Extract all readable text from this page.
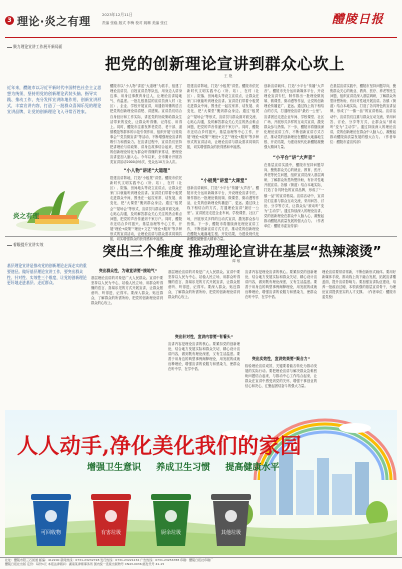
3 理论·炎之有理
2023年12月11日
责编 张稳 版式 李梅 校对 姚琳 美编 张红	醴陵日报
聚力理论宣讲工作展开新局面
把党的创新理论宣讲到群众心坎上
王 艳
近年来，醴陵市以习近平新时代中国特色社会主义思想为统领，坚持用党的创新理论武装头脑、指导实践、推动工作，充分发挥宣讲阵地作用，创新宣讲形式，丰富宣讲内容，打造了一批群众喜闻乐见的理论宣讲品牌，让党的创新理论飞入寻常百姓家。
“小人物”讲述“大道理”
醴陵市以“小人物”讲述“大道理”为抓手，组建了理论宣讲员、百姓宣讲员等队伍，用身边人讲身边事、用身边事教育身边人，让理论宣讲接地气、有温度。一批扎根基层的宣讲员深入村（社区）、企业、学校开展宣讲，用通俗易懂的语言把党的创新理论讲清楚、讲透彻。宣讲员们结合自身经历和工作实际，讲述党的好政策给群众生活带来的变化，让群众听得懂、记得住、用得上。同时，醴陵市注重发挥老党员、老干部、道德模范等群体的示范引领作用，组织开展“百姓故事会”“党员微宣讲”等活动，不断增强理论宣讲的吸引力和感染力。在宣讲过程中，宣讲员们坚持把讲理论与讲政策、讲身边故事结合起来，把党的创新理论转化为群众听得懂的家常话，使理论宣讲更加入脑入心。今年以来，全市累计开展各类宣讲活动2000余场次，受众达10万余人次。
搭建宣讲阵地，打造“小板凳”讲堂。醴陵市依托新时代文明实践中心（所、站），在村（社区）、院落、田间地头等设立宣讲点，让群众在家门口就能听到理论宣讲。宣讲员们带着小板凳走进群众中间，围坐在一起拉家常、话发展、谈变化，把“大课堂”搬到群众身边。通过“板凳会”“屋场会”等形式，宣讲员与群众面对面交流、心贴心沟通，及时解答群众关心关注的热点难点问题，把党的声音传递到千家万户。同时，醴陵市还结合乡村振兴、基层治理等中心工作，开展“理论+政策”“理论+文艺”“理论+服务”等多种形式的宣讲活动，让理论宣讲与群众需求同频共振，切实增强群众的获得感和幸福感。
搭建宣讲阵地，打造“小板凳”讲堂。醴陵市依托新时代文明实践中心（所、站），在村（社区）、院落、田间地头等设立宣讲点，让群众在家门口就能听到理论宣讲。宣讲员们带着小板凳走进群众中间，围坐在一起拉家常、话发展、谈变化，把“大课堂”搬到群众身边。通过“板凳会”“屋场会”等形式，宣讲员与群众面对面交流、心贴心沟通，及时解答群众关心关注的热点难点问题，把党的声音传递到千家万户。同时，醴陵市还结合乡村振兴、基层治理等中心工作，开展“理论+政策”“理论+文艺”“理论+服务”等多种形式的宣讲活动，让理论宣讲与群众需求同频共振，切实增强群众的获得感和幸福感。
“小板凳”讲堂“大课堂”
创新宣讲载体，打造“小平台”传播“大声音”。醴陵市充分运用新媒体平台，开设理论宣讲专栏，制作推出一批理论微视频、微课堂、微动漫等作品，让党的创新理论传播更广、更远。通过线上线下相结合的方式，打通理论宣讲“最后一公里”。宣讲团还走进企业车间、学校课堂、社区广场，开展形式多样的互动式宣讲，激发群众参与热情。下一步，醴陵市将继续深化理论宣讲工作，不断创新宣讲方式方法，推动党的创新理论在醴陵大地落地生根、开花结果，为建设现代化新醴陵凝聚强大精神力量。
创新宣讲载体，打造“小平台”传播“大声音”。醴陵市充分运用新媒体平台，开设理论宣讲专栏，制作推出一批理论微视频、微课堂、微动漫等作品，让党的创新理论传播更广、更远。通过线上线下相结合的方式，打通理论宣讲“最后一公里”。宣讲团还走进企业车间、学校课堂、社区广场，开展形式多样的互动式宣讲，激发群众参与热情。下一步，醴陵市将继续深化理论宣讲工作，不断创新宣讲方式方法，推动党的创新理论在醴陵大地落地生根、开花结果，为建设现代化新醴陵凝聚强大精神力量。
“小平台”讲“大声音”
在基层宣讲实践中，醴陵市坚持问题导向，聚焦群众关心的就业、教育、医疗、养老等民生问题，组织宣讲员深入基层调研，了解群众所思所想所盼，有针对性地开展宣讲。各镇（街道）结合本地实际，打造了各具特色的宣讲品牌，形成了“一镇一品”的宣讲格局。宣讲活动中，宣讲员们注重与群众互动交流，采用问答、讨论、分享等方式，让群众从“被动听”变为“主动学”。通过持续深入的理论宣讲，党的创新理论在群众中入脑入心，凝聚起推动醴陵高质量发展的强大合力。（作者单位：醴陵市委宣传部）
在基层宣讲实践中，醴陵市坚持问题导向，聚焦群众关心的就业、教育、医疗、养老等民生问题，组织宣讲员深入基层调研，了解群众所思所想所盼，有针对性地开展宣讲。各镇（街道）结合本地实际，打造了各具特色的宣讲品牌，形成了“一镇一品”的宣讲格局。宣讲活动中，宣讲员们注重与群众互动交流，采用问答、讨论、分享等方式，让群众从“被动听”变为“主动学”。通过持续深入的理论宣讲，党的创新理论在群众中入脑入心，凝聚起推动醴陵高质量发展的强大合力。（作者单位：醴陵市委宣传部）
炎之有理
着眼提升宣讲实效	突出三个维度 推动理论宣讲在基层“热辣滚烫”
谭 敏
基层理论宣讲是推动党的创新理论走深走实的重要途径。做好基层理论宣讲工作，要突出群众性、针对性、实效性三个维度，让党的创新理论更好地走进基层、走近群众。
突出群众性，为谁宣讲要“接地气”
基层理论宣讲的对象是广大人民群众。宣讲中要坚持以人民为中心，站稳人民立场，用群众听得懂的语言、喜闻乐见的方式开展宣讲，让群众愿意听、听得进、记得牢。要深入群众、贴近群众，了解群众的所需所盼，把党的创新理论讲到群众的心坎上。
基层理论宣讲的对象是广大人民群众。宣讲中要坚持以人民为中心，站稳人民立场，用群众听得懂的语言、喜闻乐见的方式开展宣讲，让群众愿意听、听得进、记得牢。要深入群众、贴近群众，了解群众的所需所盼，把党的创新理论讲到群众的心坎上。
突出针对性，宣讲内容要“有看头”
宣讲内容是理论宣讲的核心。要紧扣党的创新理论，结合地方发展实际和群众关切，精心设计宣讲内容，做到既有理论深度，又有生活温度。要善于用身边的典型事例阐释理论，用发展的成就诠释理论，增强宣讲的说服力和感染力，使群众在听中学、在学中悟。
宣讲内容是理论宣讲的核心。要紧扣党的创新理论，结合地方发展实际和群众关切，精心设计宣讲内容，做到既有理论深度，又有生活温度。要善于用身边的典型事例阐释理论，用发展的成就诠释理论，增强宣讲的说服力和感染力，使群众在听中学、在学中悟。
突出实效性，宣讲效果要“聚合力”
检验理论宣讲成效，关键要看能否转化为推动发展的实际行动。要把理论宣讲与解决群众急难愁盼问题结合起来，与推动中心工作结合起来，让群众在宣讲中感受到党的关怀，增强干事创业的信心和决心，汇聚起团结奋斗的强大力量。
理论宣讲要常讲常新，不断创新形式载体。要用好新媒体手段，推动线上线下融合发展，拓展宣讲覆盖面，提升宣讲影响力。要加强宣讲队伍建设，培养一批政治过硬、本领高强的基层宣讲骨干，为理论宣讲提供坚实的人才支撑。（作者单位：醴陵市委党校）
人人动手,净化美化我们的家园
增强卫生意识 养成卫生习惯 提高健康水平
可回收物	有害垃圾	厨余垃圾	其他垃圾
社址：醴陵市阳三石街道 邮编：412200 新闻热线：0731-23232728 发行热线：0731-23221234 广告热线：0731-23256788 印刷：醴陵日报社印刷厂
醴陵日报社出版 定价：每份1元 本报法律顾问：湖南某律师事务所 国内统一连续出版物号 CN43-0036 邮发代号 41-15
